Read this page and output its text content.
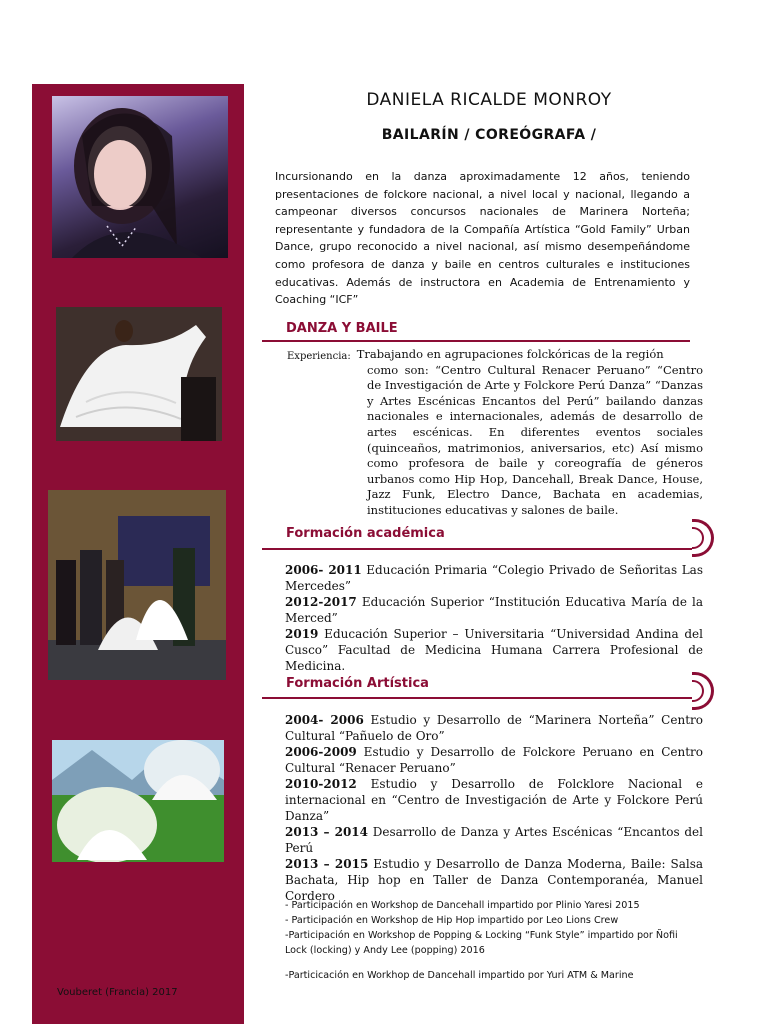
DANIELA RICALDE MONROY
BAILARÍN / COREÓGRAFA /
Incursionando en la danza aproximadamente 12 años, teniendo presentaciones de folckore nacional, a nivel local y nacional, llegando a campeonar diversos concursos nacionales de Marinera Norteña; representante y fundadora de la Compañía Artística “Gold Family” Urban Dance, grupo reconocido a nivel nacional, así mismo desempeñándome como profesora de danza y baile en centros culturales e instituciones educativas. Además de instructora en Academia de Entrenamiento y Coaching “ICF”
DANZA Y BAILE
Experiencia: Trabajando en agrupaciones folckóricas de la región
como son: “Centro Cultural Renacer Peruano” “Centro de Investigación de Arte y Folckore Perú Danza” “Danzas y Artes Escénicas Encantos del Perú” bailando danzas nacionales e internacionales, además de desarrollo de artes escénicas. En diferentes eventos sociales (quinceaños, matrimonios, aniversarios, etc) Así mismo como profesora de baile y coreografía de géneros urbanos como Hip Hop, Dancehall, Break Dance, House, Jazz Funk, Electro Dance, Bachata en academias, instituciones educativas y salones de baile.
Formación académica

2006- 2011 Educación Primaria “Colegio Privado de Señoritas Las Mercedes”

2012-2017 Educación Superior “Institución Educativa María de la Merced”

2019 Educación Superior – Universitaria “Universidad Andina del Cusco” Facultad de Medicina Humana Carrera Profesional de Medicina.

Formación Artística

2004- 2006 Estudio y Desarrollo de “Marinera Norteña” Centro Cultural “Pañuelo de Oro”

2006-2009 Estudio y Desarrollo de Folckore Peruano en Centro Cultural “Renacer Peruano”

2010-2012 Estudio y Desarrollo de Folcklore Nacional e internacional en “Centro de Investigación de Arte y Folckore Perú Danza”

2013 – 2014 Desarrollo de Danza y Artes Escénicas “Encantos del Perú

2013 – 2015 Estudio y Desarrollo de Danza Moderna, Baile: Salsa Bachata, Hip hop en Taller de Danza Contemporanéa, Manuel Cordero

- Participación en Workshop de Dancehall impartido por Plinio Yaresi 2015

- Participación en Workshop de Hip Hop impartido por Leo Lions Crew

-Participación en Workshop de Popping & Locking “Funk Style” impartido por Ñofii Lock (locking) y Andy Lee (popping) 2016

-Particicación en Workhop de Dancehall impartido por Yuri ATM & Marine

Vouberet (Francia) 2017
